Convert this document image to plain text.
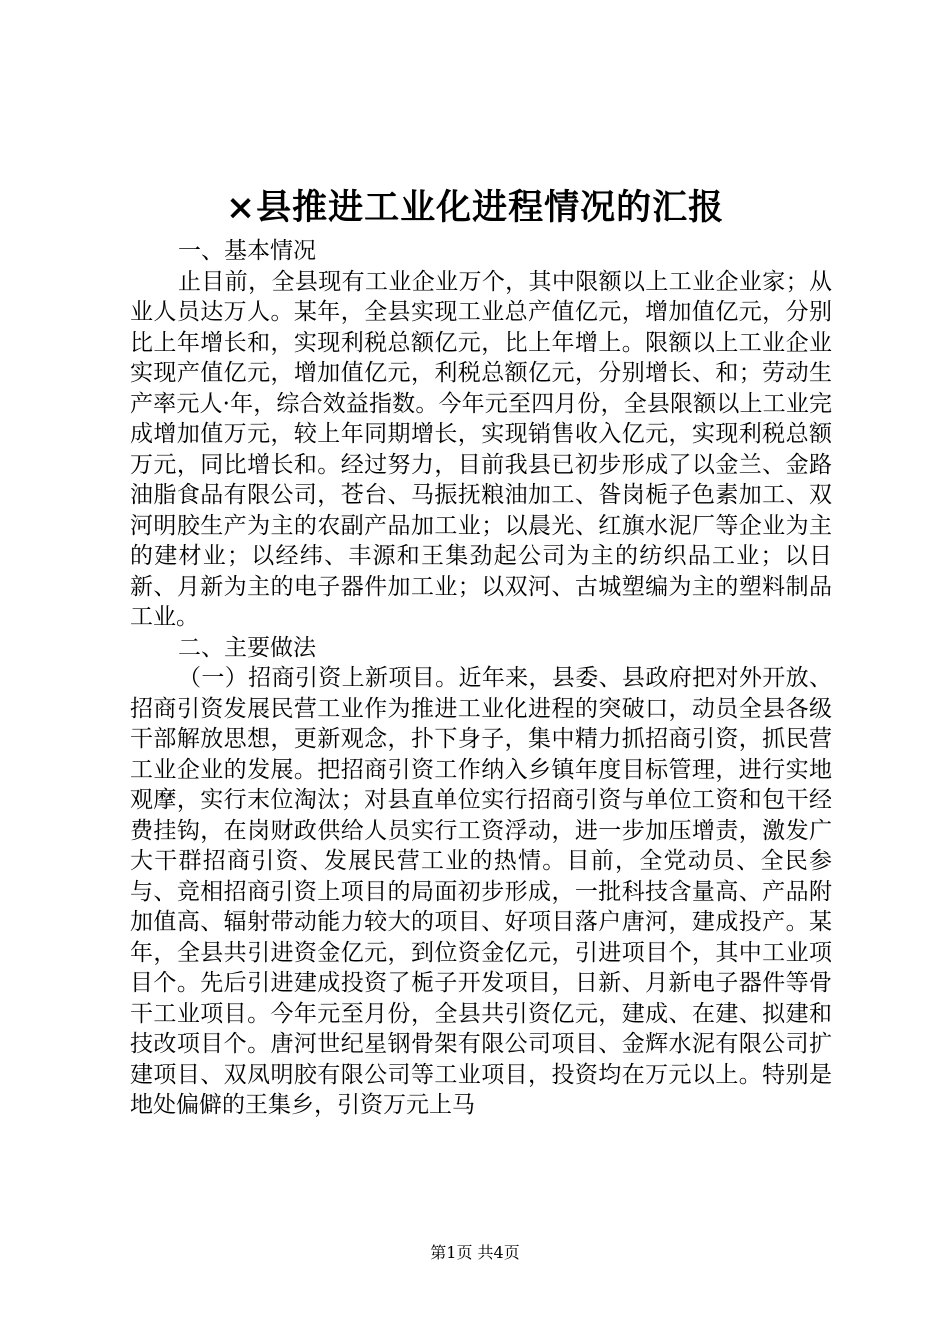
×县推进工业化进程情况的汇报

一、基本情况

止目前，全县现有工业企业万个，其中限额以上工业企业家；从业人员达万人。某年，全县实现工业总产值亿元，增加值亿元，分别比上年增长和，实现利税总额亿元，比上年增上。限额以上工业企业实现产值亿元，增加值亿元，利税总额亿元，分别增长、和；劳动生产率元人·年，综合效益指数。今年元至四月份，全县限额以上工业完成增加值万元，较上年同期增长，实现销售收入亿元，实现利税总额万元，同比增长和。经过努力，目前我县已初步形成了以金兰、金路油脂食品有限公司，苍台、马振抚粮油加工、昝岗栀子色素加工、双河明胶生产为主的农副产品加工业；以晨光、红旗水泥厂等企业为主的建材业；以经纬、丰源和王集劲起公司为主的纺织品工业；以日新、月新为主的电子器件加工业；以双河、古城塑编为主的塑料制品工业。

二、主要做法

（一）招商引资上新项目。近年来，县委、县政府把对外开放、招商引资发展民营工业作为推进工业化进程的突破口，动员全县各级干部解放思想，更新观念，扑下身子，集中精力抓招商引资，抓民营工业企业的发展。把招商引资工作纳入乡镇年度目标管理，进行实地观摩，实行末位淘汰；对县直单位实行招商引资与单位工资和包干经费挂钩，在岗财政供给人员实行工资浮动，进一步加压增责，激发广大干群招商引资、发展民营工业的热情。目前，全党动员、全民参与、竞相招商引资上项目的局面初步形成，一批科技含量高、产品附加值高、辐射带动能力较大的项目、好项目落户唐河，建成投产。某年，全县共引进资金亿元，到位资金亿元，引进项目个，其中工业项目个。先后引进建成投资了栀子开发项目，日新、月新电子器件等骨干工业项目。今年元至月份，全县共引资亿元，建成、在建、拟建和技改项目个。唐河世纪星钢骨架有限公司项目、金辉水泥有限公司扩建项目、双凤明胶有限公司等工业项目，投资均在万元以上。特别是地处偏僻的王集乡，引资万元上马

第1页 共4页
